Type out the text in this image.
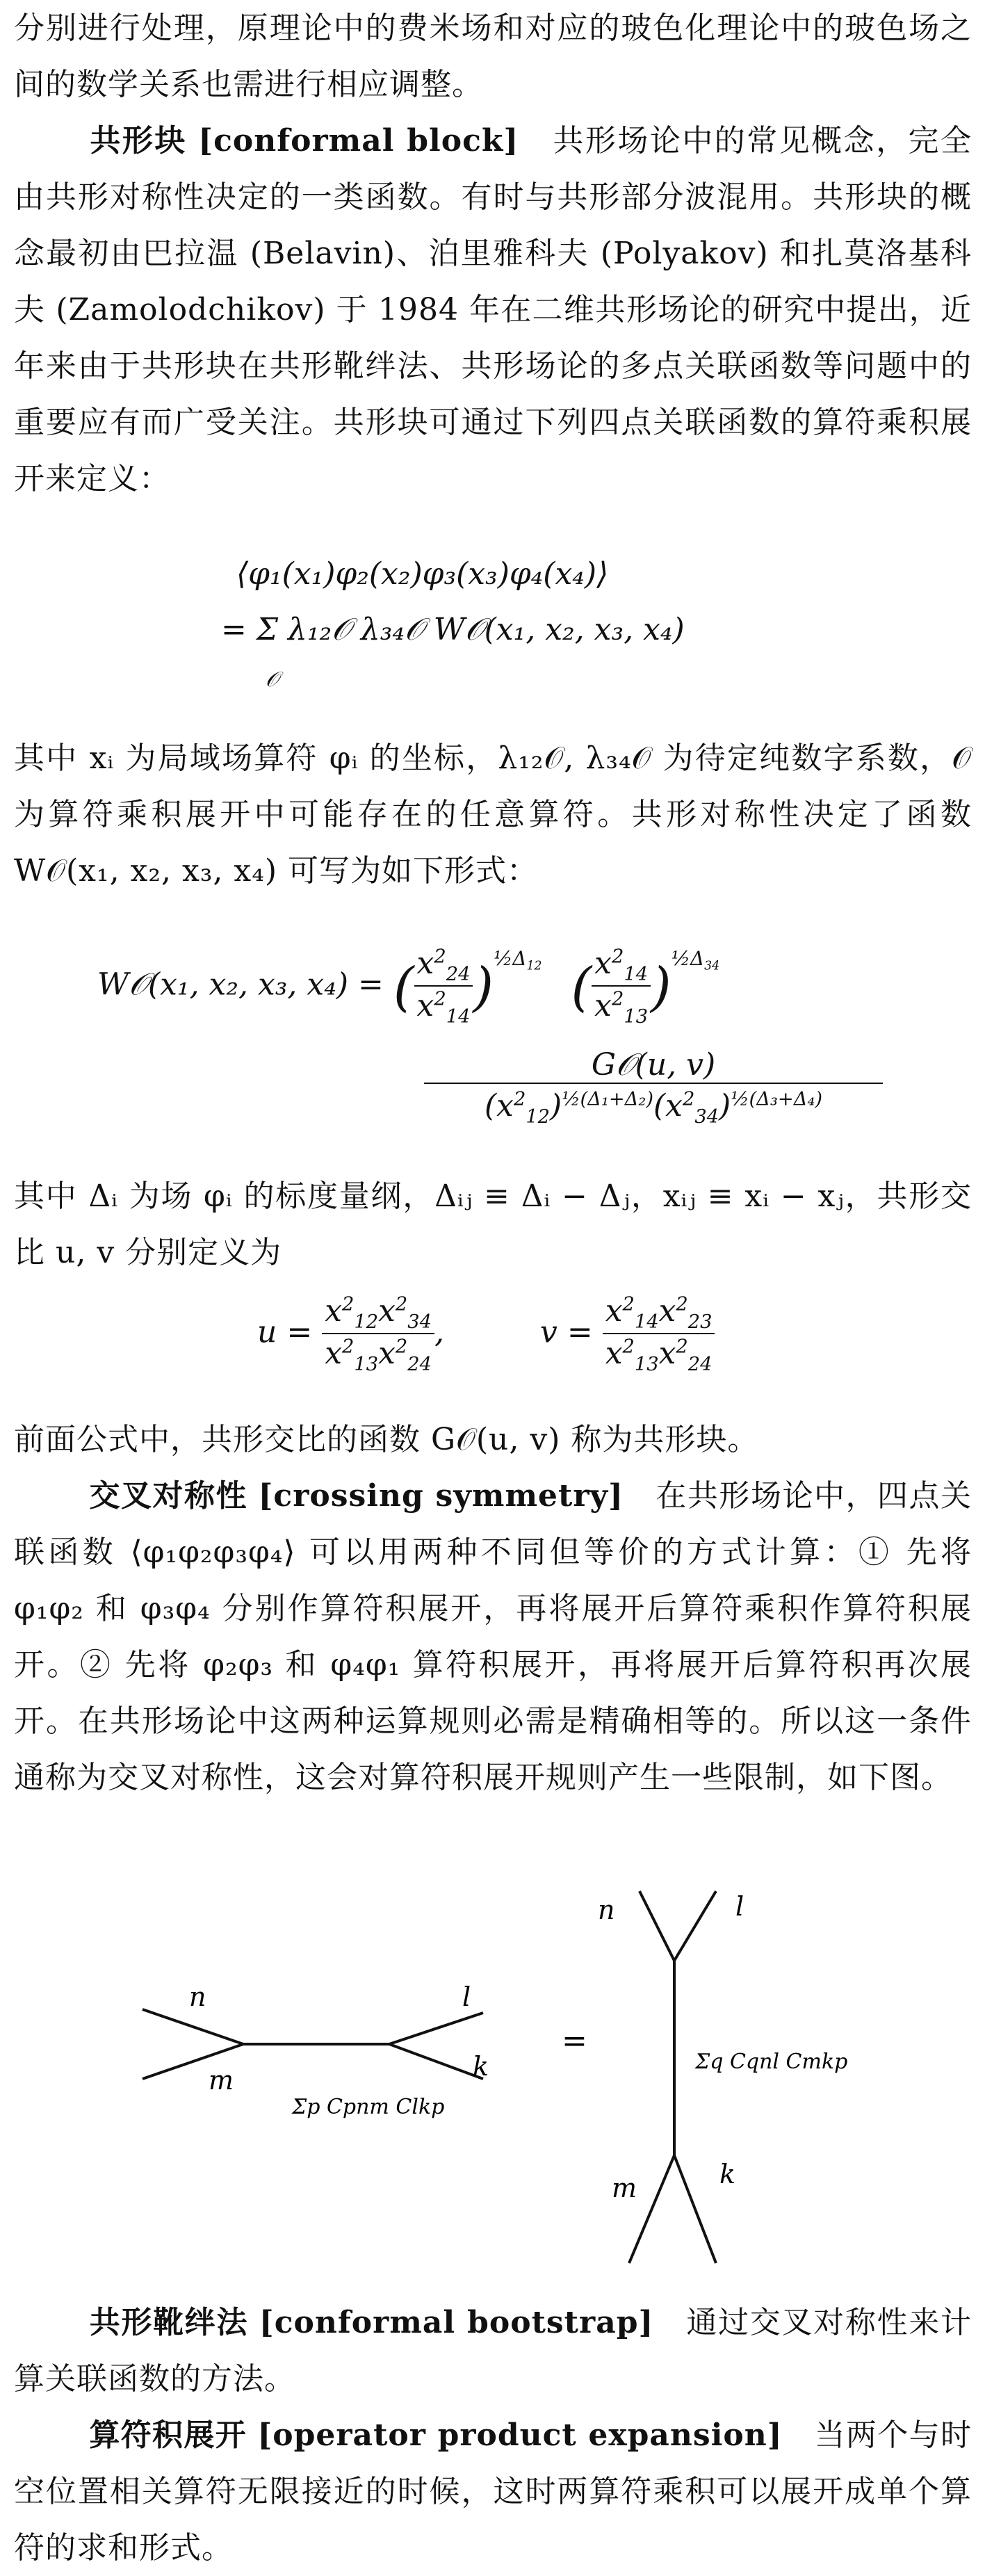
分别进行处理，原理论中的费米场和对应的玻色化理论中的玻色场之间的数学关系也需进行相应调整。
共形块 [conformal block] 共形场论中的常见概念，完全由共形对称性决定的一类函数。有时与共形部分波混用。共形块的概念最初由巴拉温 (Belavin)、泊里雅科夫 (Polyakov) 和扎莫洛基科夫 (Zamolodchikov) 于 1984 年在二维共形场论的研究中提出，近年来由于共形块在共形靴绊法、共形场论的多点关联函数等问题中的重要应有而广受关注。共形块可通过下列四点关联函数的算符乘积展开来定义：
⟨φ₁(x₁)φ₂(x₂)φ₃(x₃)φ₄(x₄)⟩
= Σ λ₁₂𝒪 λ₃₄𝒪 W𝒪(x₁, x₂, x₃, x₄)
𝒪
其中 xᵢ 为局域场算符 φᵢ 的坐标，λ₁₂𝒪, λ₃₄𝒪 为待定纯数字系数，𝒪 为算符乘积展开中可能存在的任意算符。共形对称性决定了函数 W𝒪(x₁, x₂, x₃, x₄) 可写为如下形式：
W𝒪(x₁, x₂, x₃, x₄) = ( $\frac{x^2_{24}}{x^2_{14}} )^{\frac{1}{2}\Delta_{12}}$ ( $\frac{x^2_{14}}{x^2_{13}} )^{\frac{1}{2}\Delta_{34}}$
G𝒪(u, v)
$(x^2_{12})^{\frac{1}{2}(\Delta_1+\Delta_2)}(x^2_{34})^{\frac{1}{2}(\Delta_3+\Delta_4)}$
其中 Δᵢ 为场 φᵢ 的标度量纲，Δᵢⱼ ≡ Δᵢ − Δⱼ，xᵢⱼ ≡ xᵢ − xⱼ，共形交比 u, v 分别定义为
$u = \frac{x^2_{12}x^2_{34}}{x^2_{13}x^2_{24}}$ ,	$v = \frac{x^2_{14}x^2_{23}}{x^2_{13}x^2_{24}}$
前面公式中，共形交比的函数 G𝒪(u, v) 称为共形块。
交叉对称性 [crossing symmetry] 在共形场论中，四点关联函数 ⟨φ₁φ₂φ₃φ₄⟩ 可以用两种不同但等价的方式计算：① 先将 φ₁φ₂ 和 φ₃φ₄ 分别作算符积展开，再将展开后算符乘积作算符积展开。② 先将 φ₂φ₃ 和 φ₄φ₁ 算符积展开，再将展开后算符积再次展开。在共形场论中这两种运算规则必需是精确相等的。所以这一条件通称为交叉对称性，这会对算符积展开规则产生一些限制，如下图。
n
m
l
k
Σp Cpnm Clkp
=
n	l
m	k
Σq Cqnl Cmkp
共形靴绊法 [conformal bootstrap] 通过交叉对称性来计算关联函数的方法。
算符积展开 [operator product expansion] 当两个与时空位置相关算符无限接近的时候，这时两算符乘积可以展开成单个算符的求和形式。
